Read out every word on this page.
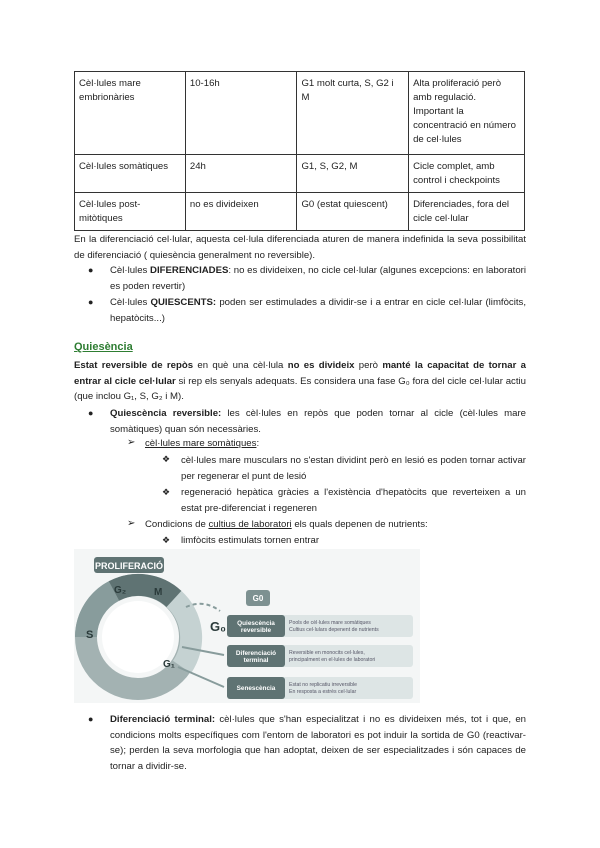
Cèl·lules mare embrionàries	10-16h	G1 molt curta, S, G2 i M	Alta proliferació però amb regulació. Important la concentració en número de cel·lules
Cèl·lules somàtiques	24h	G1, S, G2, M	Cicle complet, amb control i checkpoints
Cèl·lules post-mitòtiques	no es divideixen	G0 (estat quiescent)	Diferenciades, fora del cicle cel·lular
En la diferenciació cel·lular, aquesta cel·lula diferenciada aturen de manera indefinida la seva possibilitat de diferenciació ( quiesència generalment no reversible).
● Cèl·lules DIFERENCIADES: no es divideixen, no cicle cel·lular (algunes excepcions: en laboratori es poden revertir)
● Cèl·lules QUIESCENTS: poden ser estimulades a dividir-se i a entrar en cicle cel·lular (limfòcits, hepatòcits...)
Quiesència
Estat reversible de repòs en què una cèl·lula no es divideix però manté la capacitat de tornar a entrar al cicle cel·lular si rep els senyals adequats. Es considera una fase G₀ fora del cicle cel·lular actiu (que inclou G₁, S, G₂ i M).
● Quiescència reversible: les cèl·lules en repòs que poden tornar al cicle (cèl·lules mare somàtiques) quan són necessàries.
➢ cèl·lules mare somàtiques:
❖ cèl·lules mare musculars no s'estan dividint però en lesió es poden tornar activar per regenerar el punt de lesió
❖ regeneració hepàtica gràcies a l'existència d'hepatòcits que reverteixen a un estat pre-diferenciat i regeneren
➢ Condicions de cultius de laboratori els quals depenen de nutrients:
❖ limfòcits estimulats tornen entrar
PROLIFERACIÓ
G₂	M
S
G₁
G₀
G0
Quiescència reversible
Pools de cèl·lules mare somàtiques Cultius cel·lulars depenent de nutrients
Diferenciació terminal
Reversible en monocits cel·lules, principalment en el·lules de laboratori
Senescència	Estat no replicatiu irreversible En resposta a estrès cel·lular
● Diferenciació terminal: cèl·lules que s'han especialitzat i no es divideixen més, tot i que, en condicions molts específiques com l'entorn de laboratori es pot induir la sortida de G0 (reactivar-se); perden la seva morfologia que han adoptat, deixen de ser especialitzades i són capaces de tornar a dividir-se.
